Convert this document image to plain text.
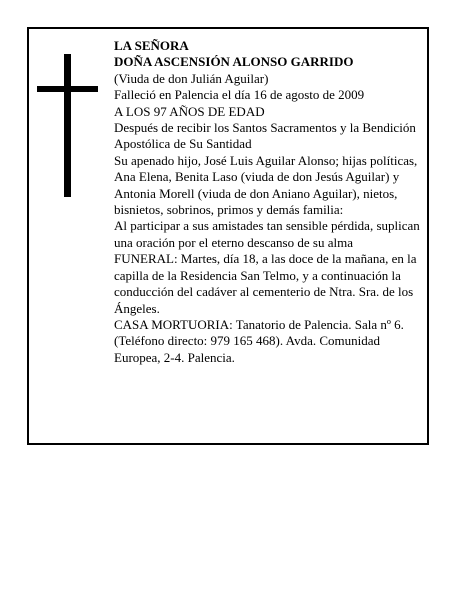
LA SEÑORA

DOÑA ASCENSIÓN ALONSO GARRIDO

(Viuda de don Julián Aguilar)

Falleció en Palencia el día 16 de agosto de 2009

A LOS 97 AÑOS DE EDAD

Después de recibir los Santos Sacramentos y la Bendición Apostólica de Su Santidad

Su apenado hijo, José Luis Aguilar Alonso; hijas políticas, Ana Elena, Benita Laso (viuda de don Jesús Aguilar) y Antonia Morell (viuda de don Aniano Aguilar), nietos, bisnietos, sobrinos, primos y demás familia:

Al participar a sus amistades tan sensible pérdida, suplican una oración por el eterno descanso de su alma

FUNERAL: Martes, día 18, a las doce de la mañana, en la capilla de la Residencia San Telmo, y a continuación la conducción del cadáver al cementerio de Ntra. Sra. de los Ángeles.

CASA MORTUORIA: Tanatorio de Palencia. Sala nº 6. (Teléfono directo: 979 165 468). Avda. Comunidad Europea, 2-4. Palencia.
